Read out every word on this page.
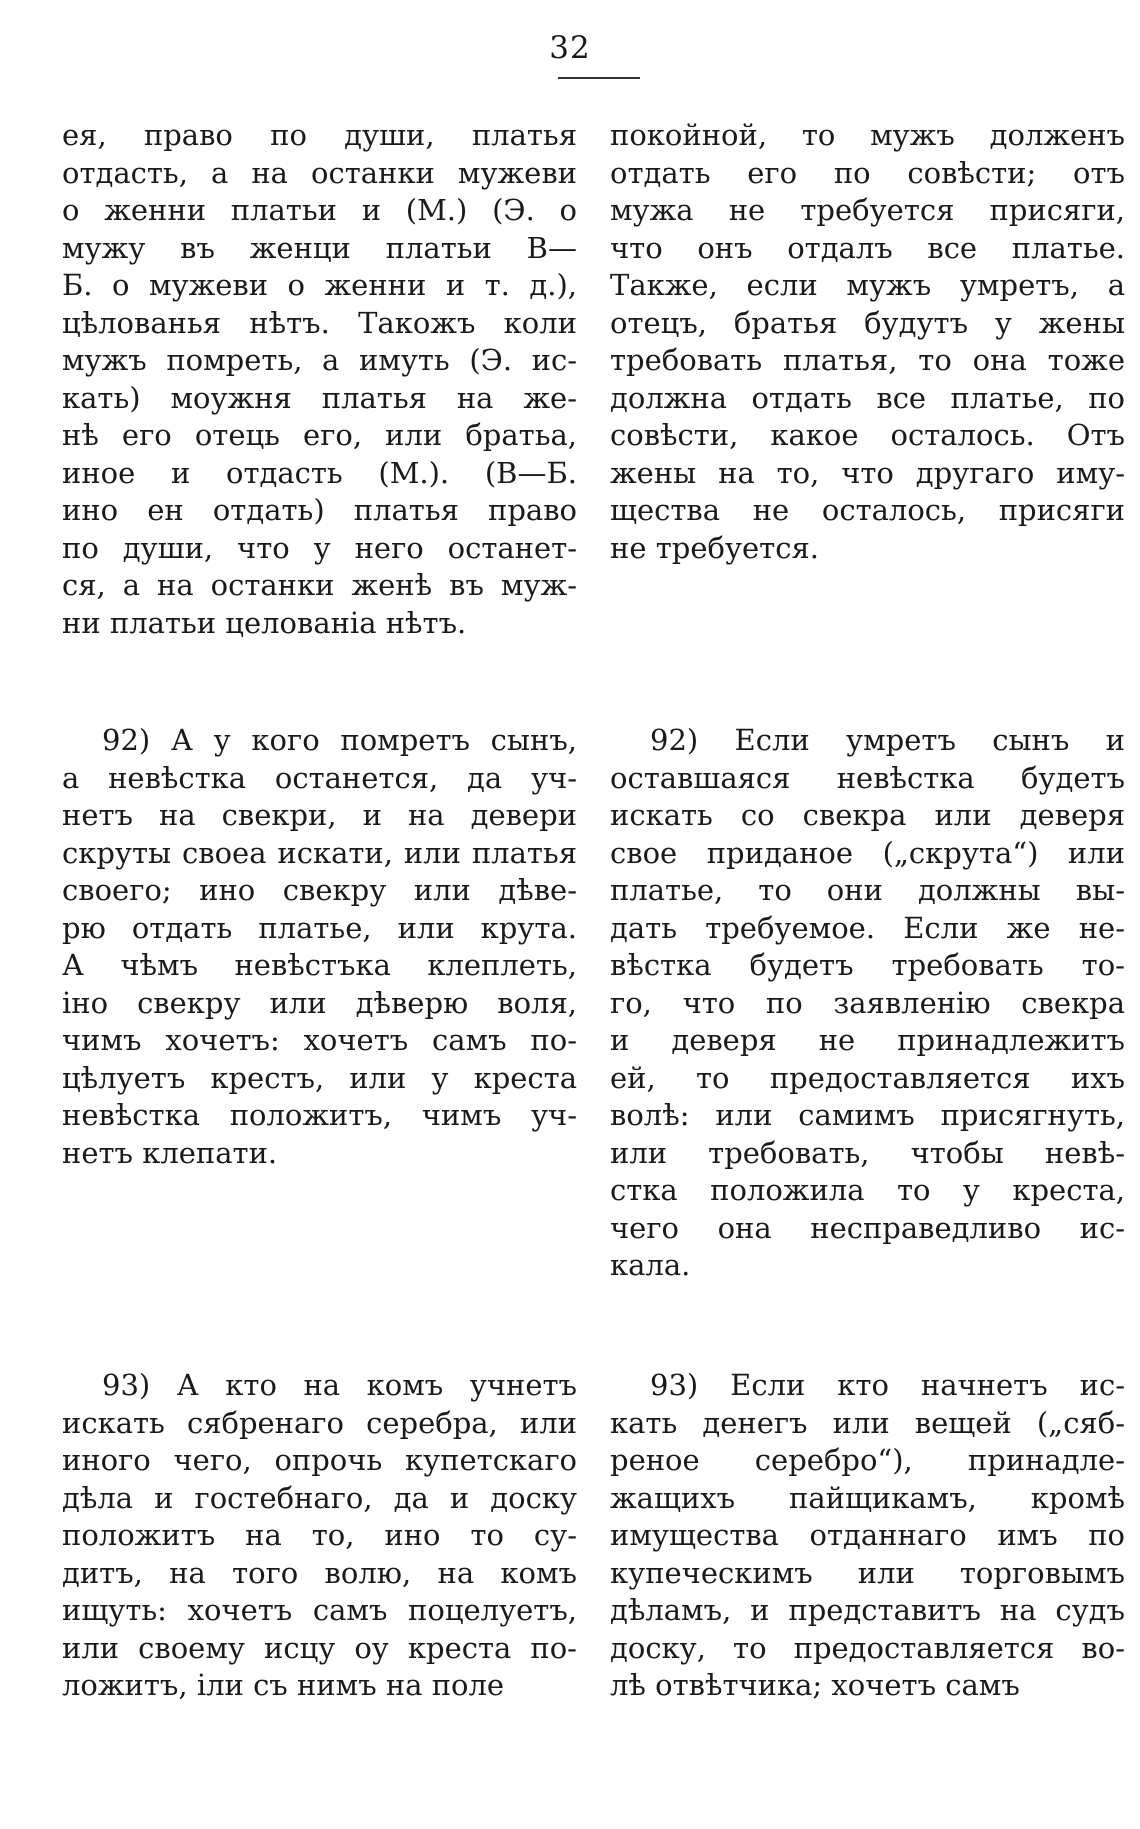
32
ея, право по души, платья
отдасть, а на останки мужеви
о женни платьи и (М.) (Э. о
мужу въ женци платьи В—
Б. о мужеви о женни и т. д.),
цѣлованья нѣтъ. Такожъ коли
мужъ помреть, а имуть (Э. ис-
кать) моужня платья на же-
нѣ его отець его, или братьа,
иное и отдасть (М.). (В—Б.
ино ен отдать) платья право
по души, что у него останет-
ся, а на останки женѣ въ муж-
ни платьи целованiа нѣтъ.
покойной, то мужъ долженъ
отдать его по совѣсти; отъ
мужа не требуется присяги,
что онъ отдалъ все платье.
Также, если мужъ умретъ, а
отецъ, братья будутъ у жены
требовать платья, то она тоже
должна отдать все платье, по
совѣсти, какое осталось. Отъ
жены на то, что другаго иму-
щества не осталось, присяги
не требуется.
92) А у кого помретъ сынъ,
а невѣстка останется, да уч-
нетъ на свекри, и на девери
скруты своеа искати, или платья
своего; ино свекру или дѣве-
рю отдать платье, или крута.
А чѣмъ невѣстъка клеплеть,
iно свекру или дѣверю воля,
чимъ хочетъ: хочетъ самъ по-
цѣлуетъ крестъ, или у креста
невѣстка положитъ, чимъ уч-
нетъ клепати.
92) Если умретъ сынъ и
оставшаяся невѣстка будетъ
искать со свекра или деверя
свое приданое („скрута“) или
платье, то они должны вы-
дать требуемое. Если же не-
вѣстка будетъ требовать то-
го, что по заявленiю свекра
и деверя не принадлежитъ
ей, то предоставляется ихъ
волѣ: или самимъ присягнуть,
или требовать, чтобы невѣ-
стка положила то у креста,
чего она несправедливо ис-
кала.
93) А кто на комъ учнетъ
искать сябренаго серебра, или
иного чего, опрочь купетскаго
дѣла и гостебнаго, да и доску
положитъ на то, ино то су-
дитъ, на того волю, на комъ
ищуть: хочетъ самъ поцелуетъ,
или своему исцу оу креста по-
ложитъ, iли съ нимъ на поле
93) Если кто начнетъ ис-
кать денегъ или вещей („сяб-
реное серебро“), принадле-
жащихъ пайщикамъ, кромѣ
имущества отданнаго имъ по
купеческимъ или торговымъ
дѣламъ, и представитъ на судъ
доску, то предоставляется во-
лѣ отвѣтчика; хочетъ самъ
